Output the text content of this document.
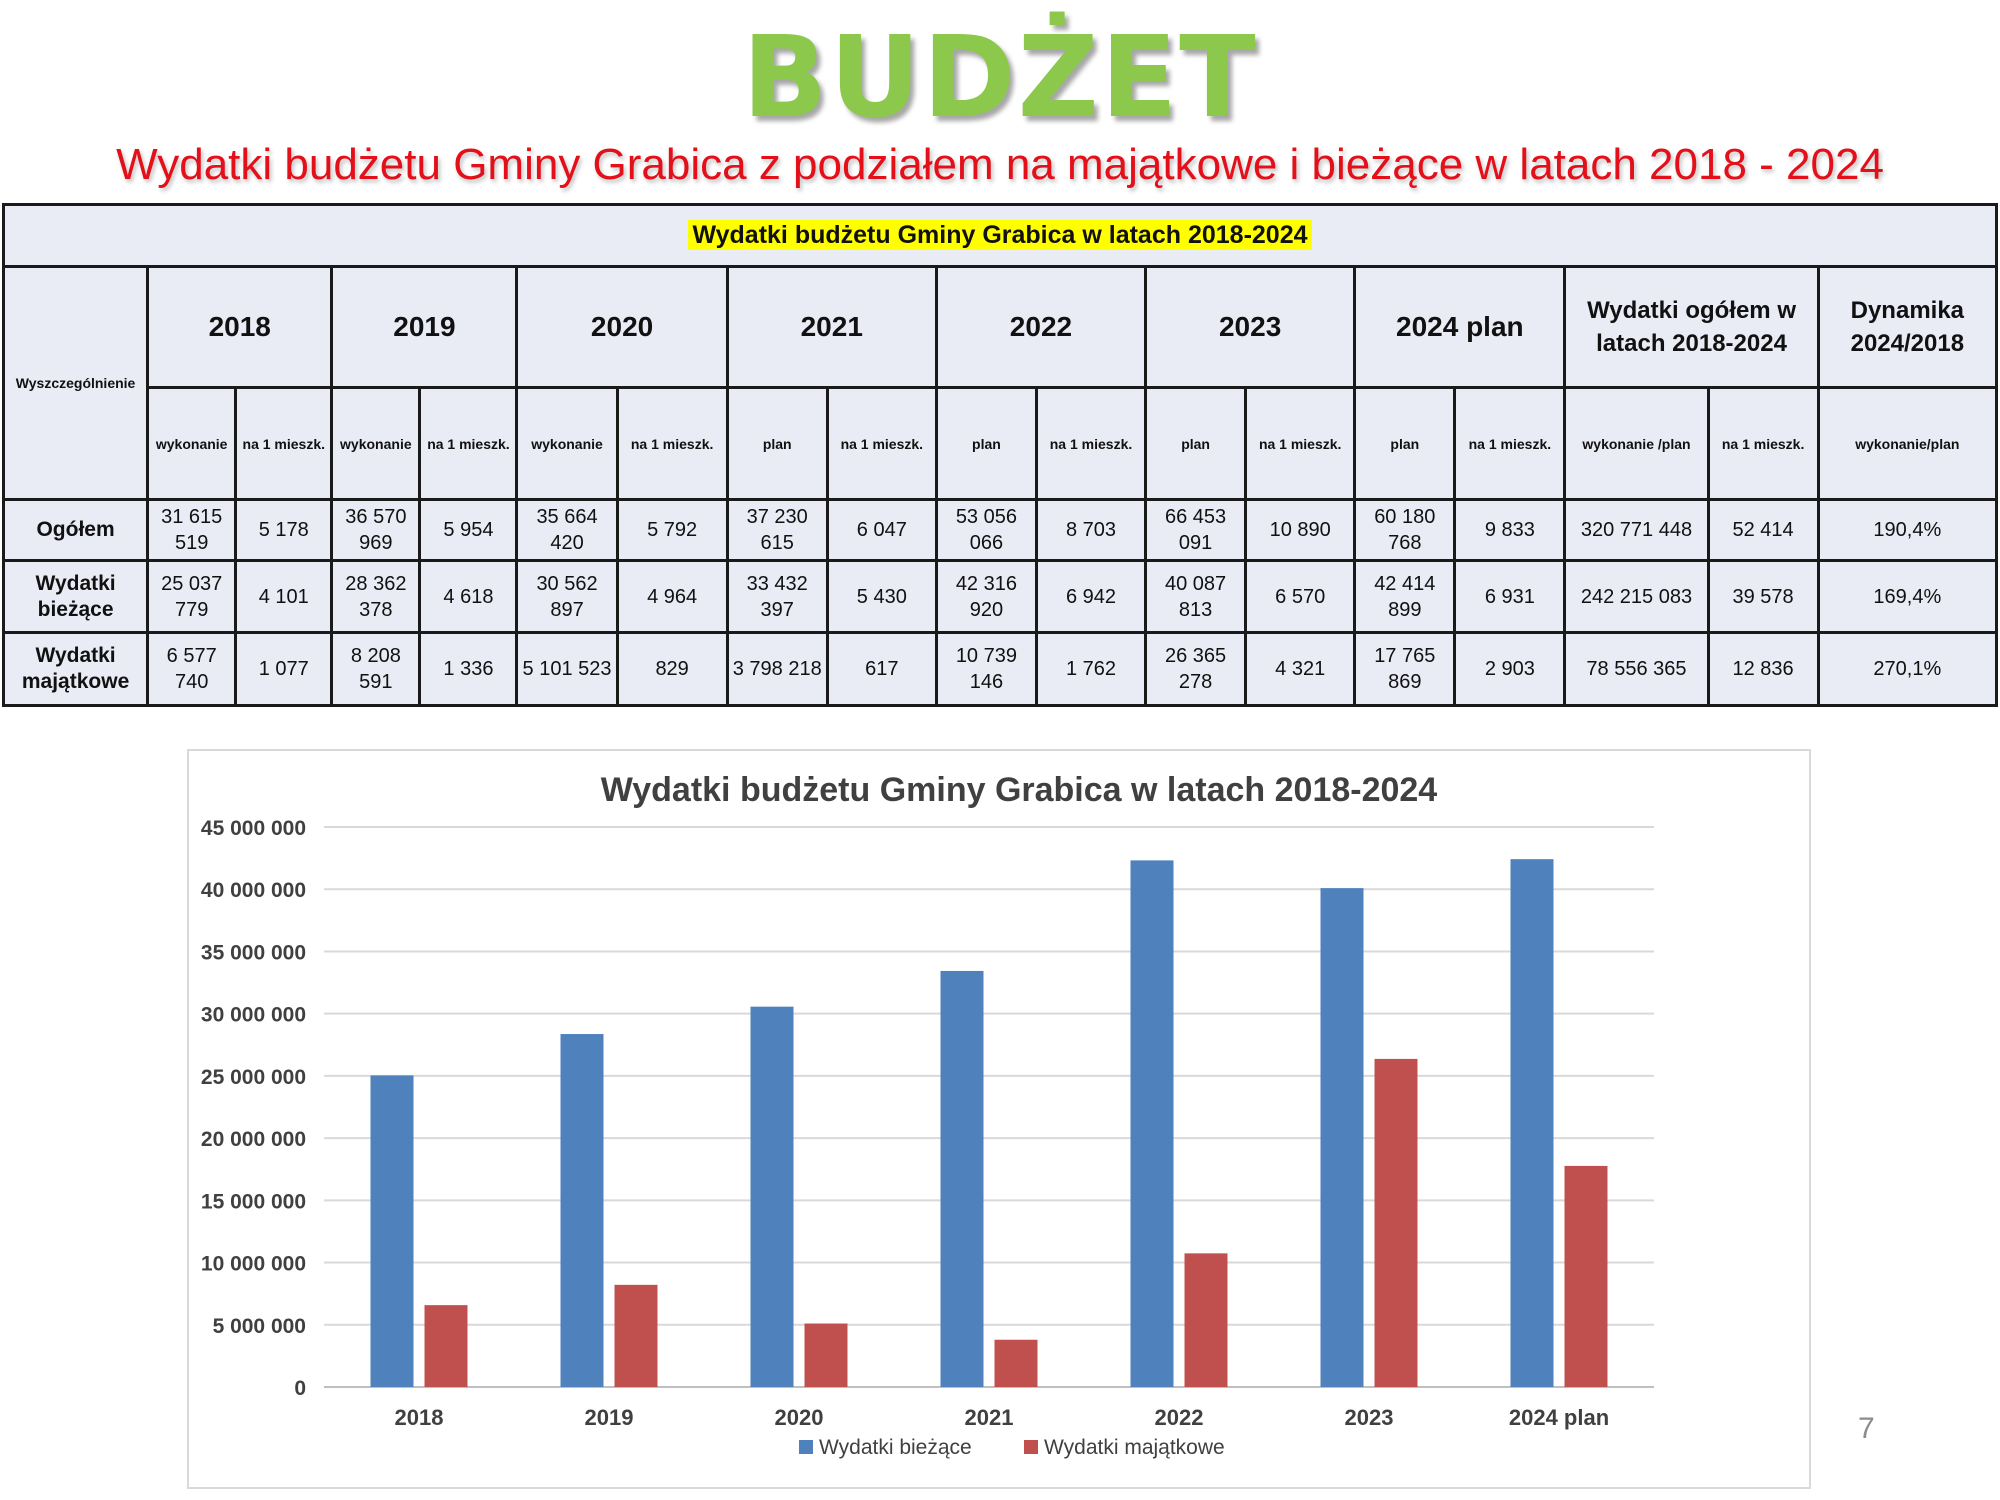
BUDŻET
Wydatki budżetu Gminy Grabica z podziałem na majątkowe i bieżące w latach 2018 - 2024
Wydatki budżetu Gminy Grabica w latach 2018-2024																	
Wyszczególnienie	2018		2019		2020		2021		2022		2023		2024 plan		Wydatki ogółem w latach 2018-2024		Dynamika 2024/2018
	wykonanie	na 1 mieszk.	wykonanie	na 1 mieszk.	wykonanie	na 1 mieszk.	plan	na 1 mieszk.	plan	na 1 mieszk.	plan	na 1 mieszk.	plan	na 1 mieszk.	wykonanie /plan	na 1 mieszk.	wykonanie/plan
Ogółem	31 615 519	5 178	36 570 969	5 954	35 664 420	5 792	37 230 615	6 047	53 056 066	8 703	66 453 091	10 890	60 180 768	9 833	320 771 448	52 414	190,4%
Wydatki bieżące	25 037 779	4 101	28 362 378	4 618	30 562 897	4 964	33 432 397	5 430	42 316 920	6 942	40 087 813	6 570	42 414 899	6 931	242 215 083	39 578	169,4%
Wydatki majątkowe	6 577 740	1 077	8 208 591	1 336	5 101 523	829	3 798 218	617	10 739 146	1 762	26 365 278	4 321	17 765 869	2 903	78 556 365	12 836	270,1%
Wydatki budżetu Gminy Grabica w latach 2018-2024
0
5 000 000
10 000 000
15 000 000
20 000 000
25 000 000
30 000 000
35 000 000
40 000 000
45 000 000
2018	2019	2020	2021	2022	2023	2024 plan
Wydatki bieżące	Wydatki majątkowe
7
